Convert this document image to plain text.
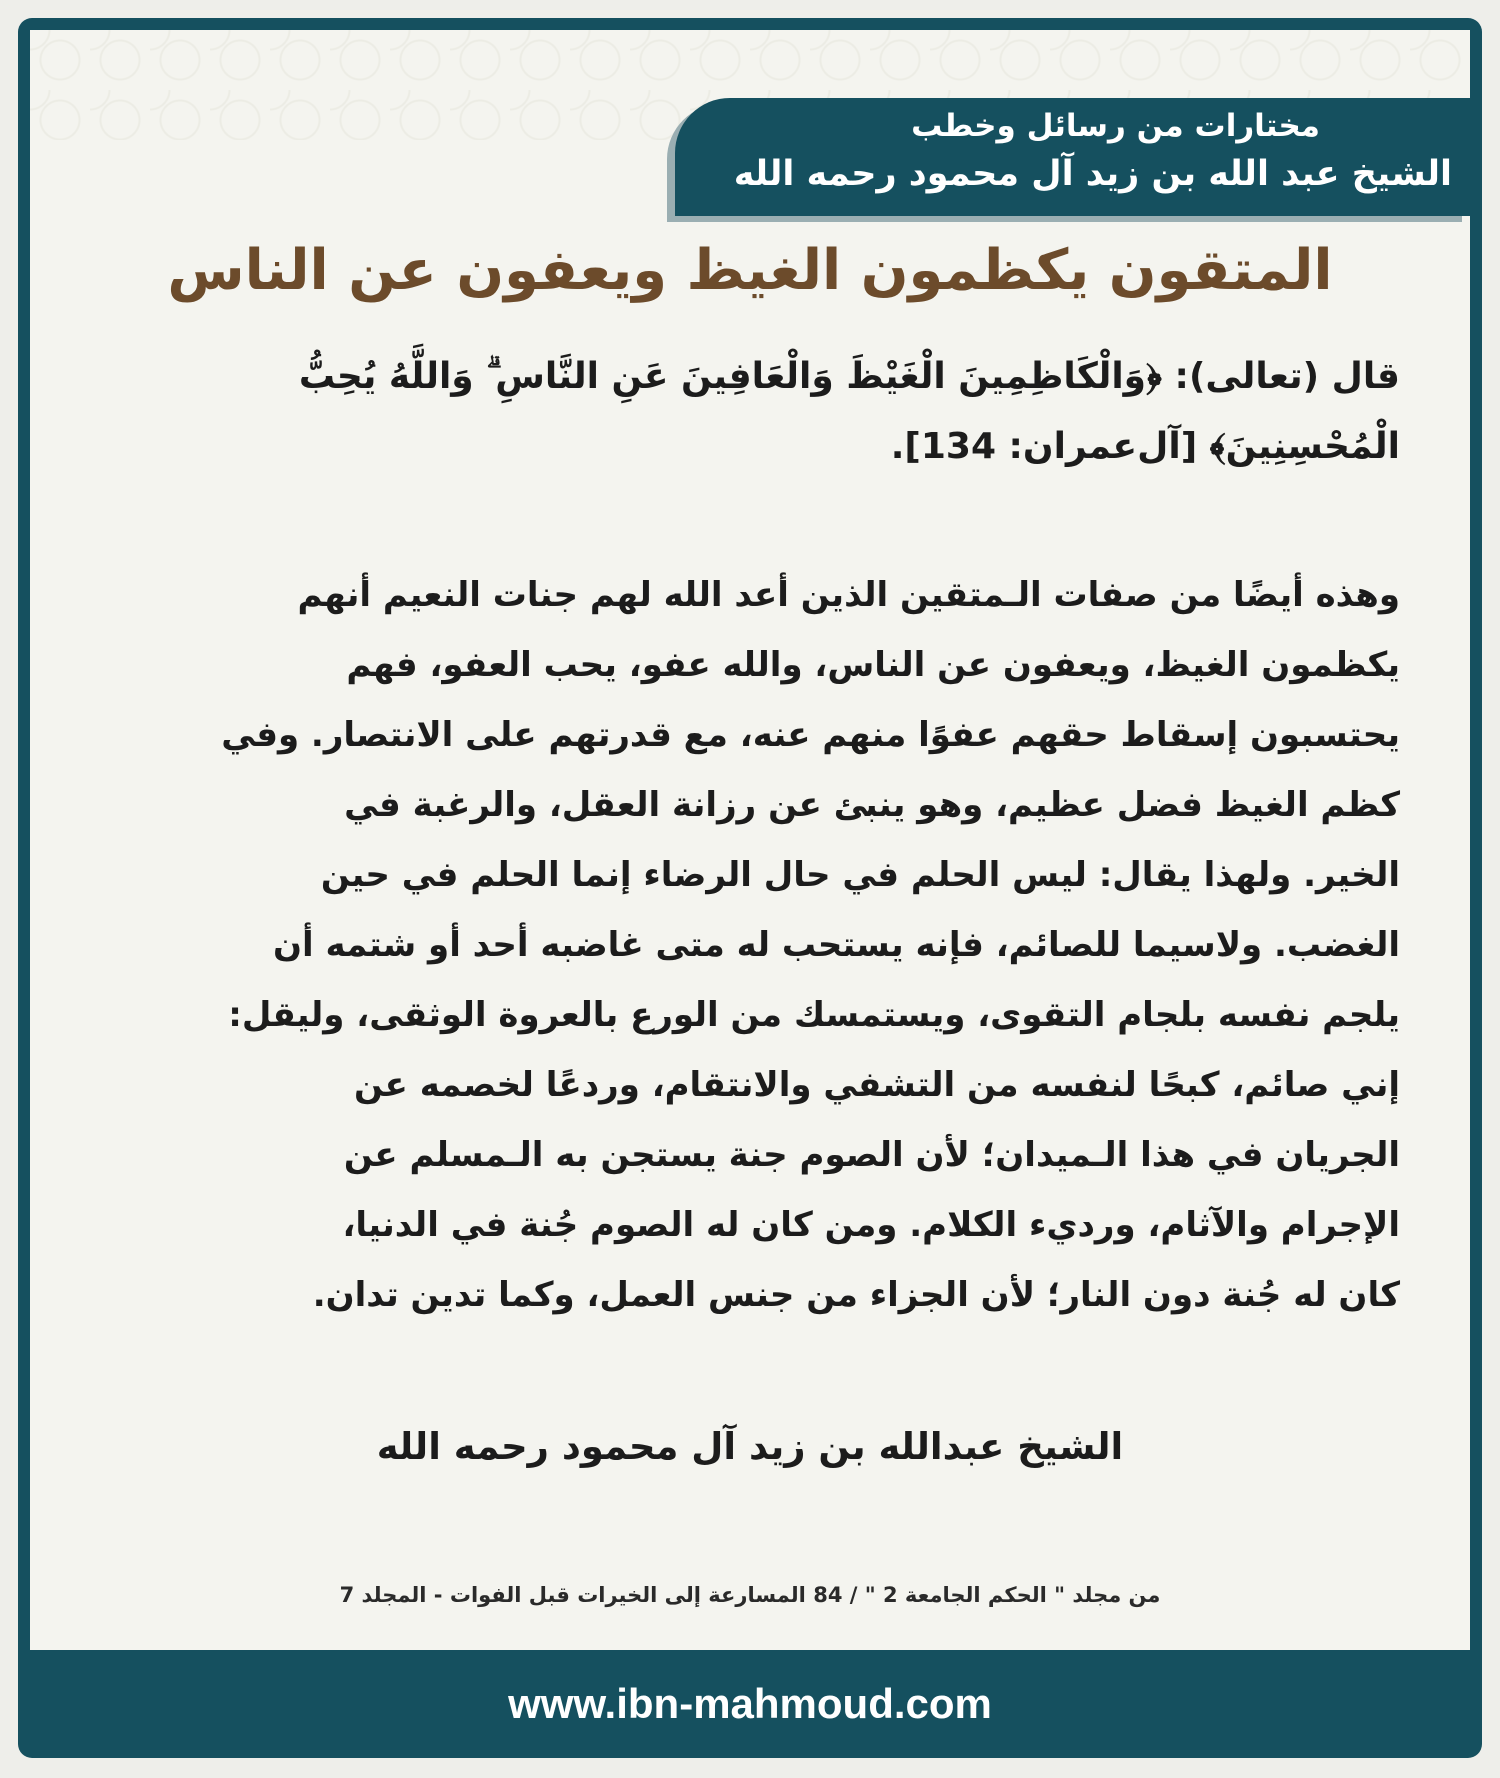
مختارات من رسائل وخطب
الشيخ عبد الله بن زيد آل محمود رحمه الله
المتقون يكظمون الغيظ ويعفون عن الناس
قال (تعالى): ﴿وَالْكَاظِمِينَ الْغَيْظَ وَالْعَافِينَ عَنِ النَّاسِ ۗ وَاللَّهُ يُحِبُّ الْمُحْسِنِينَ﴾ [آل‌عمران: 134].
وهذه أيضًا من صفات الـمتقين الذين أعد الله لهم جنات النعيم أنهم
يكظمون الغيظ، ويعفون عن الناس، والله عفو، يحب العفو، فهم
يحتسبون إسقاط حقهم عفوًا منهم عنه، مع قدرتهم على الانتصار. وفي
كظم الغيظ فضل عظيم، وهو ينبئ عن رزانة العقل، والرغبة في
الخير. ولهذا يقال: ليس الحلم في حال الرضاء إنما الحلم في حين
الغضب. ولاسيما للصائم، فإنه يستحب له متى غاضبه أحد أو شتمه أن
يلجم نفسه بلجام التقوى، ويستمسك من الورع بالعروة الوثقى، وليقل:
إني صائم، كبحًا لنفسه من التشفي والانتقام، وردعًا لخصمه عن
الجريان في هذا الـميدان؛ لأن الصوم جنة يستجن به الـمسلم عن
الإجرام والآثام، ورديء الكلام. ومن كان له الصوم جُنة في الدنيا،
كان له جُنة دون النار؛ لأن الجزاء من جنس العمل، وكما تدين تدان.
الشيخ عبدالله بن زيد آل محمود رحمه الله
من مجلد " الحكم الجامعة 2 " / 84 المسارعة إلى الخيرات قبل الفوات - المجلد 7
www.ibn-mahmoud.com
